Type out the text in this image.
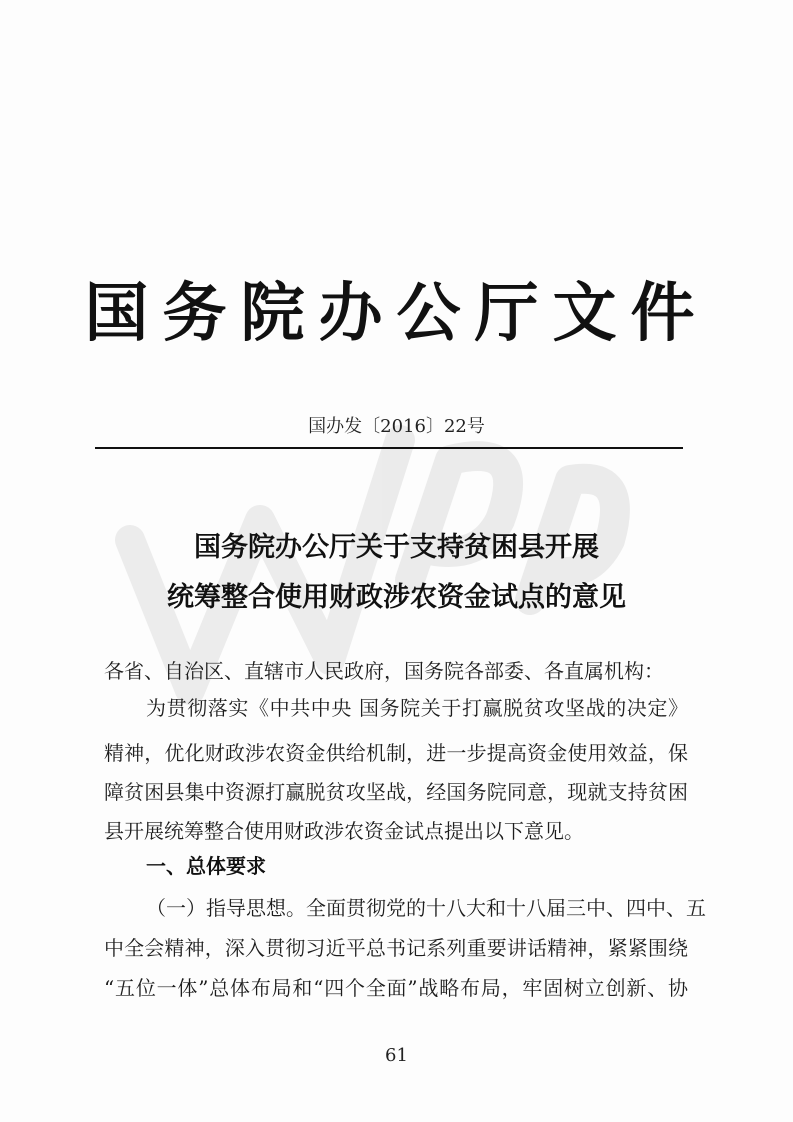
国务院办公厅文件
国办发〔2016〕22号
国务院办公厅关于支持贫困县开展
统筹整合使用财政涉农资金试点的意见
各省、自治区、直辖市人民政府，国务院各部委、各直属机构：
为贯彻落实《中共中央 国务院关于打赢脱贫攻坚战的决定》
精神，优化财政涉农资金供给机制，进一步提高资金使用效益，保
障贫困县集中资源打赢脱贫攻坚战，经国务院同意，现就支持贫困
县开展统筹整合使用财政涉农资金试点提出以下意见。
一、总体要求
（一）指导思想。全面贯彻党的十八大和十八届三中、四中、五
中全会精神，深入贯彻习近平总书记系列重要讲话精神，紧紧围绕
“五位一体”总体布局和“四个全面”战略布局，牢固树立创新、协
61
